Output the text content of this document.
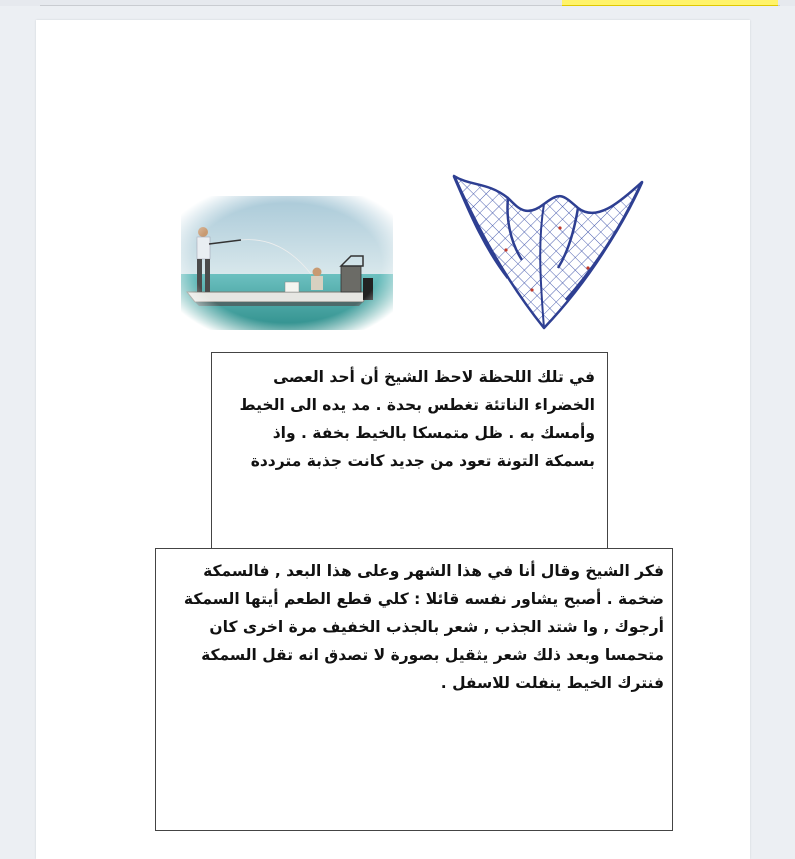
في تلك اللحظة لاحظ الشيخ أن أحد العصى الخضراء الناتئة تغطس بحدة . مد يده الى الخيط وأمسك به . ظل متمسكا بالخيط بخفة . واذ بسمكة التونة تعود من جديد كانت جذبة مترددة
فكر الشيخ وقال أنا في هذا الشهر وعلى هذا البعد , فالسمكة ضخمة . أصبح يشاور نفسه قائلا : كلي قطع الطعم أيتها السمكة أرجوك , وا شتد الجذب , شعر بالجذب الخفيف مرة اخرى كان متحمسا وبعد ذلك شعر يثقيل بصورة لا تصدق انه تقل السمكة فنترك الخيط ينفلت للاسفل .
